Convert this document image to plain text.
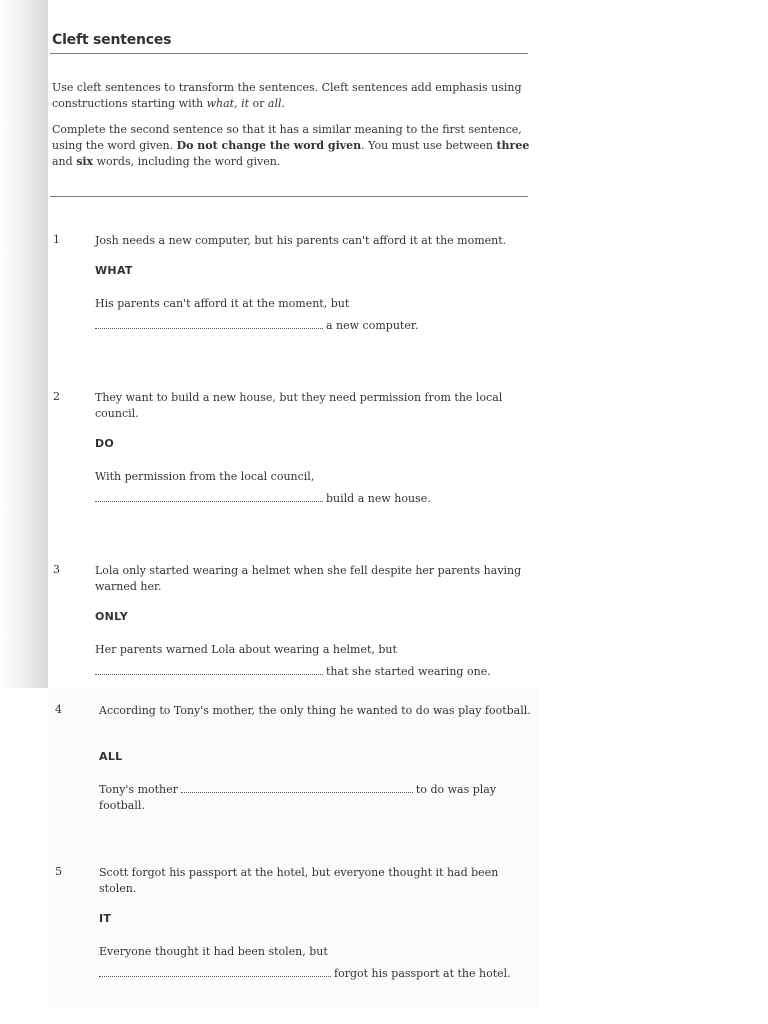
Cleft sentences
Use cleft sentences to transform the sentences. Cleft sentences add emphasis using constructions starting with what, it or all.
Complete the second sentence so that it has a similar meaning to the first sentence, using the word given. Do not change the word given. You must use between three and six words, including the word given.
1	Josh needs a new computer, but his parents can't afford it at the moment.
WHAT
His parents can't afford it at the moment, but
a new computer.
2	They want to build a new house, but they need permission from the local council.
DO
With permission from the local council,
build a new house.
3	Lola only started wearing a helmet when she fell despite her parents having warned her.
ONLY
Her parents warned Lola about wearing a helmet, but
that she started wearing one.
4	According to Tony's mother, the only thing he wanted to do was play football.
ALL
Tony's mother	to do was play
football.
5	Scott forgot his passport at the hotel, but everyone thought it had been stolen.
IT
Everyone thought it had been stolen, but
forgot his passport at the hotel.
